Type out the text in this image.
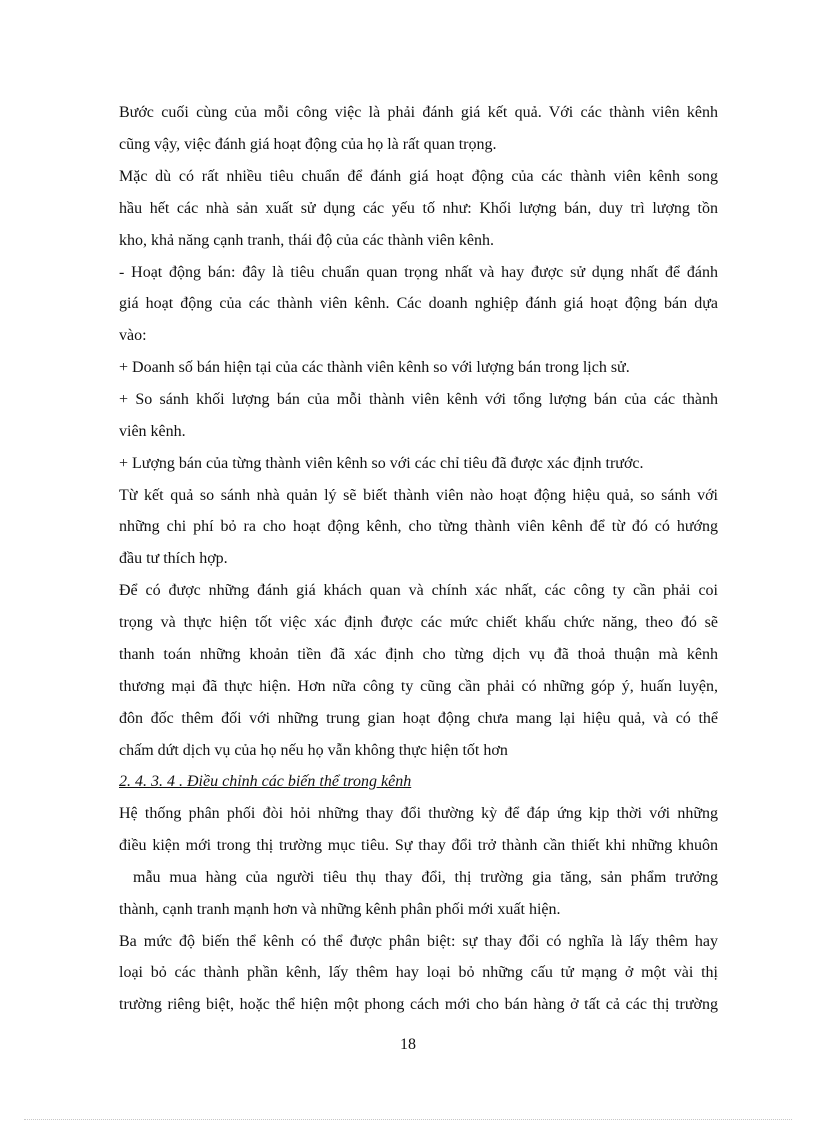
Bước cuối cùng của mỗi công việc là phải đánh giá kết quả. Với các thành viên kênh
cũng vậy, việc đánh giá hoạt động của họ là rất quan trọng.
Mặc dù có rất nhiều tiêu chuẩn để đánh giá hoạt động của các thành viên kênh song
hầu hết các nhà sản xuất sử dụng các yếu tố như: Khối lượng bán, duy trì lượng tồn
kho, khả năng cạnh tranh, thái độ của các thành viên kênh.
- Hoạt động bán: đây là tiêu chuẩn quan trọng nhất và hay được sử dụng nhất để đánh
giá hoạt động của các thành viên kênh. Các doanh nghiệp đánh giá hoạt động bán dựa
vào:
+ Doanh số bán hiện tại của các thành viên kênh so với lượng bán trong lịch sử.
+ So sánh khối lượng bán của mỗi thành viên kênh với tổng lượng bán của các thành
viên kênh.
+ Lượng bán của từng thành viên kênh so với các chỉ tiêu đã được xác định trước.
Từ kết quả so sánh nhà quản lý sẽ biết thành viên nào hoạt động hiệu quả, so sánh với
những chi phí bỏ ra cho hoạt động kênh, cho từng thành viên kênh để từ đó có hướng
đầu tư thích hợp.
Để có được những đánh giá khách quan và chính xác nhất, các công ty cần phải coi
trọng và thực hiện tốt việc xác định được các mức chiết khấu chức năng, theo đó sẽ
thanh toán những khoản tiền đã xác định cho từng dịch vụ đã thoả thuận mà kênh
thương mại đã thực hiện. Hơn nữa công ty cũng cần phải có những góp ý, huấn luyện,
đôn đốc thêm đối với những trung gian hoạt động chưa mang lại hiệu quả, và có thể
chấm dứt dịch vụ của họ nếu họ vẫn không thực hiện tốt hơn
2. 4. 3. 4 . Điều chỉnh các biến thể trong kênh
Hệ thống phân phối đòi hỏi những thay đổi thường kỳ để đáp ứng kịp thời với những
điều kiện mới trong thị trường mục tiêu. Sự thay đổi trở thành cần thiết khi những khuôn
mẫu mua hàng của người tiêu thụ thay đổi, thị trường gia tăng, sản phẩm trưởng
thành, cạnh tranh mạnh hơn và những kênh phân phối mới xuất hiện.
Ba mức độ biến thể kênh có thể được phân biệt: sự thay đổi có nghĩa là lấy thêm hay
loại bỏ các thành phần kênh, lấy thêm hay loại bỏ những cấu tử mạng ở một vài thị
trường riêng biệt, hoặc thể hiện một phong cách mới cho bán hàng ở tất cả các thị trường
18
